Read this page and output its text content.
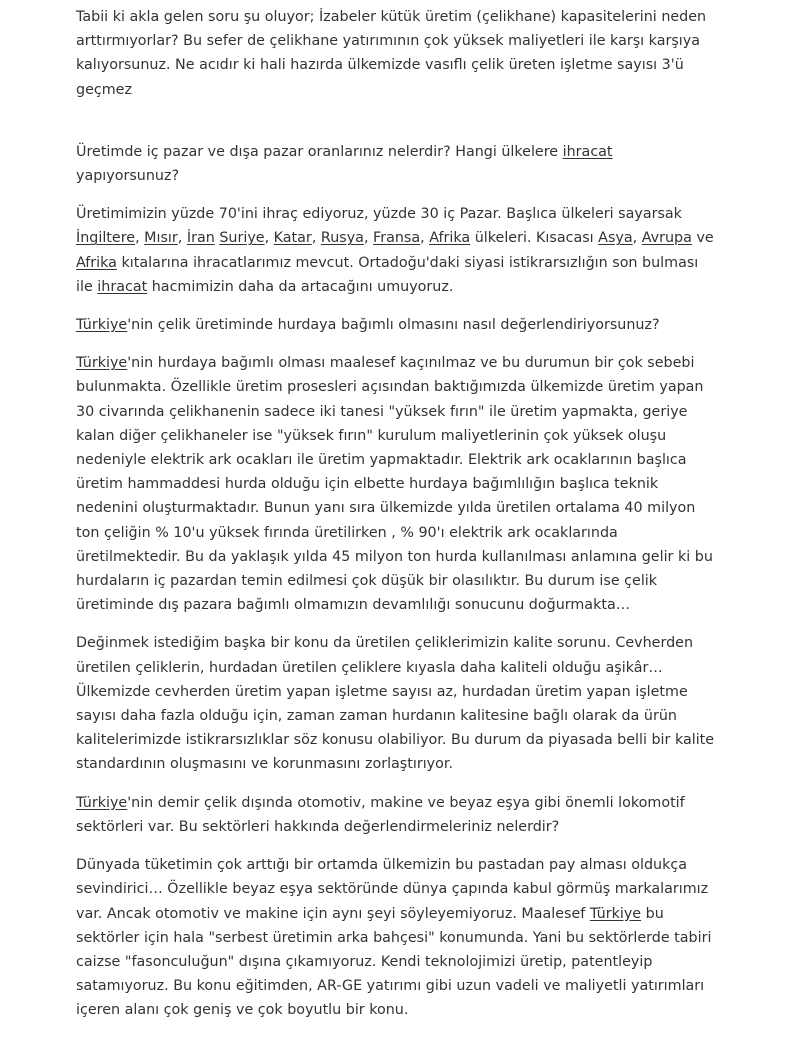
Tabii ki akla gelen soru şu oluyor; İzabeler kütük üretim (çelikhane) kapasitelerini neden arttırmıyorlar? Bu sefer de çelikhane yatırımının çok yüksek maliyetleri ile karşı karşıya kalıyorsunuz. Ne acıdır ki hali hazırda ülkemizde vasıflı çelik üreten işletme sayısı 3'ü geçmez

Üretimde iç pazar ve dışa pazar oranlarınız nelerdir? Hangi ülkelere ihracat yapıyorsunuz?

Üretimimizin yüzde 70'ini ihraç ediyoruz, yüzde 30 iç Pazar. Başlıca ülkeleri sayarsak İngiltere, Mısır, İran Suriye, Katar, Rusya, Fransa, Afrika ülkeleri. Kısacası Asya, Avrupa ve Afrika kıtalarına ihracatlarımız mevcut. Ortadoğu'daki siyasi istikrarsızlığın son bulması ile ihracat hacmimizin daha da artacağını umuyoruz.

Türkiye'nin çelik üretiminde hurdaya bağımlı olmasını nasıl değerlendiriyorsunuz?

Türkiye'nin hurdaya bağımlı olması maalesef kaçınılmaz ve bu durumun bir çok sebebi bulunmakta. Özellikle üretim prosesleri açısından baktığımızda ülkemizde üretim yapan 30 civarında çelikhanenin sadece iki tanesi "yüksek fırın" ile üretim yapmakta, geriye kalan diğer çelikhaneler ise "yüksek fırın" kurulum maliyetlerinin çok yüksek oluşu nedeniyle elektrik ark ocakları ile üretim yapmaktadır. Elektrik ark ocaklarının başlıca üretim hammaddesi hurda olduğu için elbette hurdaya bağımlılığın başlıca teknik nedenini oluşturmaktadır. Bunun yanı sıra ülkemizde yılda üretilen ortalama 40 milyon ton çeliğin % 10'u yüksek fırında üretilirken , % 90'ı elektrik ark ocaklarında üretilmektedir. Bu da yaklaşık yılda 45 milyon ton hurda kullanılması anlamına gelir ki bu hurdaların iç pazardan temin edilmesi çok düşük bir olasılıktır. Bu durum ise çelik üretiminde dış pazara bağımlı olmamızın devamlılığı sonucunu doğurmakta…

Değinmek istediğim başka bir konu da üretilen çeliklerimizin kalite sorunu. Cevherden üretilen çeliklerin, hurdadan üretilen çeliklere kıyasla daha kaliteli olduğu aşikâr… Ülkemizde cevherden üretim yapan işletme sayısı az, hurdadan üretim yapan işletme sayısı daha fazla olduğu için, zaman zaman hurdanın kalitesine bağlı olarak da ürün kalitelerimizde istikrarsızlıklar söz konusu olabiliyor. Bu durum da piyasada belli bir kalite standardının oluşmasını ve korunmasını zorlaştırıyor.

Türkiye'nin demir çelik dışında otomotiv, makine ve beyaz eşya gibi önemli lokomotif sektörleri var. Bu sektörleri hakkında değerlendirmeleriniz nelerdir?

Dünyada tüketimin çok arttığı bir ortamda ülkemizin bu pastadan pay alması oldukça sevindirici… Özellikle beyaz eşya sektöründe dünya çapında kabul görmüş markalarımız var. Ancak otomotiv ve makine için aynı şeyi söyleyemiyoruz. Maalesef Türkiye bu sektörler için hala "serbest üretimin arka bahçesi" konumunda. Yani bu sektörlerde tabiri caizse "fasonculuğun" dışına çıkamıyoruz. Kendi teknolojimizi üretip, patentleyip satamıyoruz. Bu konu eğitimden, AR-GE yatırımı gibi uzun vadeli ve maliyetli yatırımları içeren alanı çok geniş ve çok boyutlu bir konu.
